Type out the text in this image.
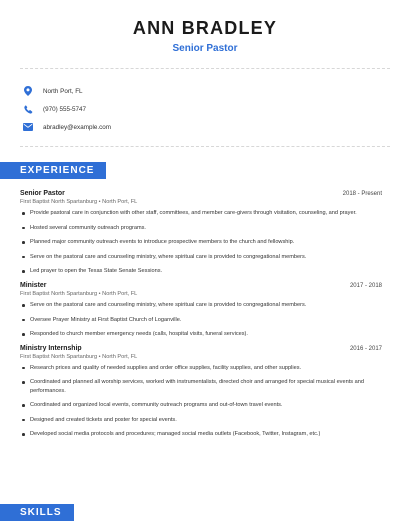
ANN BRADLEY
Senior Pastor
North Port, FL
(970) 555-5747
abradley@example.com
EXPERIENCE
Senior Pastor	2018 - Present
First Baptist North Spartanburg • North Port, FL
Provide pastoral care in conjunction with other staff, committees, and member care-givers through visitation, counseling, and prayer.
Hosted several community outreach programs.
Planned major community outreach events to introduce prospective members to the church and fellowship.
Serve on the pastoral care and counseling ministry, where spiritual care is provided to congregational members.
Led prayer to open the Texas State Senate Sessions.
Minister	2017 - 2018
First Baptist North Spartanburg • North Port, FL
Serve on the pastoral care and counseling ministry, where spiritual care is provided to congregational members.
Oversee Prayer Ministry at First Baptist Church of Loganville.
Responded to church member emergency needs (calls, hospital visits, funeral services).
Ministry Internship	2016 - 2017
First Baptist North Spartanburg • North Port, FL
Research prices and quality of needed supplies and order office supplies, facility supplies, and other supplies.
Coordinated and planned all worship services, worked with instrumentalists, directed choir and arranged for special musical events and performances.
Coordinated and organized local events, community outreach programs and out-of-town travel events.
Designed and created tickets and poster for special events.
Developed social media protocols and procedures; managed social media outlets (Facebook, Twitter, Instagram, etc.)
SKILLS
